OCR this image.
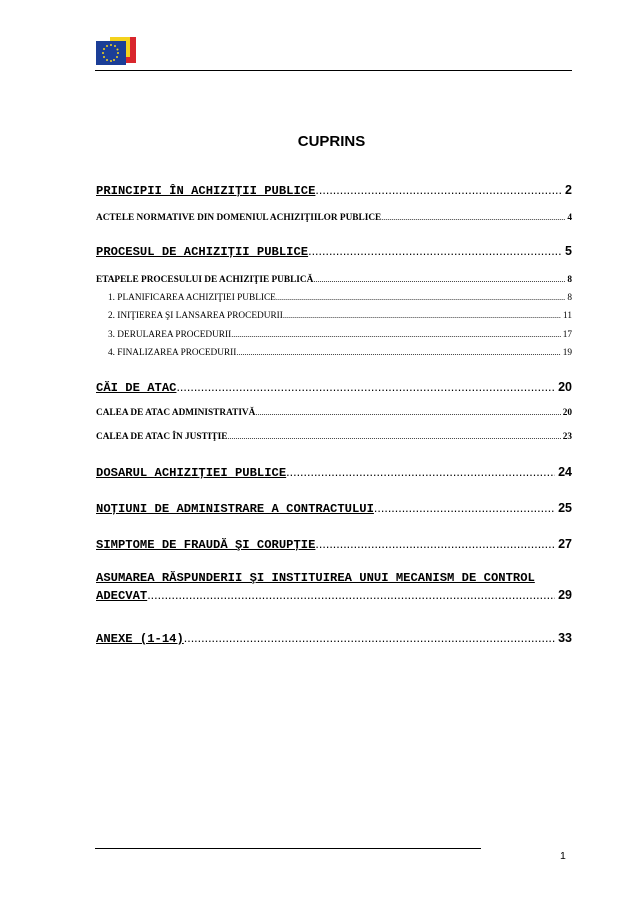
CUPRINS
PRINCIPII ÎN ACHIZIŢII PUBLICE .....	2
ACTELE NORMATIVE DIN DOMENIUL ACHIZIŢIILOR PUBLICE .....	4
PROCESUL DE ACHIZIŢII PUBLICE .....	5
ETAPELE PROCESULUI DE ACHIZIŢIE PUBLICĂ .....	8
1. PLANIFICAREA ACHIZIŢIEI PUBLICE .....	8
2. INIŢIEREA ŞI LANSAREA PROCEDURII .....	11
3. DERULAREA PROCEDURII .....	17
4. FINALIZAREA PROCEDURII .....	19
CĂI DE ATAC .....	20
CALEA DE ATAC ADMINISTRATIVĂ .....	20
CALEA DE ATAC ÎN JUSTIŢIE .....	23
DOSARUL ACHIZIŢIEI PUBLICE .....	24
NOŢIUNI DE ADMINISTRARE A CONTRACTULUI .....	25
SIMPTOME DE FRAUDĂ ŞI CORUPŢIE .....	27
ASUMAREA RĂSPUNDERII ŞI INSTITUIREA UNUI MECANISM DE CONTROL
ADECVAT .....	29
ANEXE (1-14) .....	33
1
